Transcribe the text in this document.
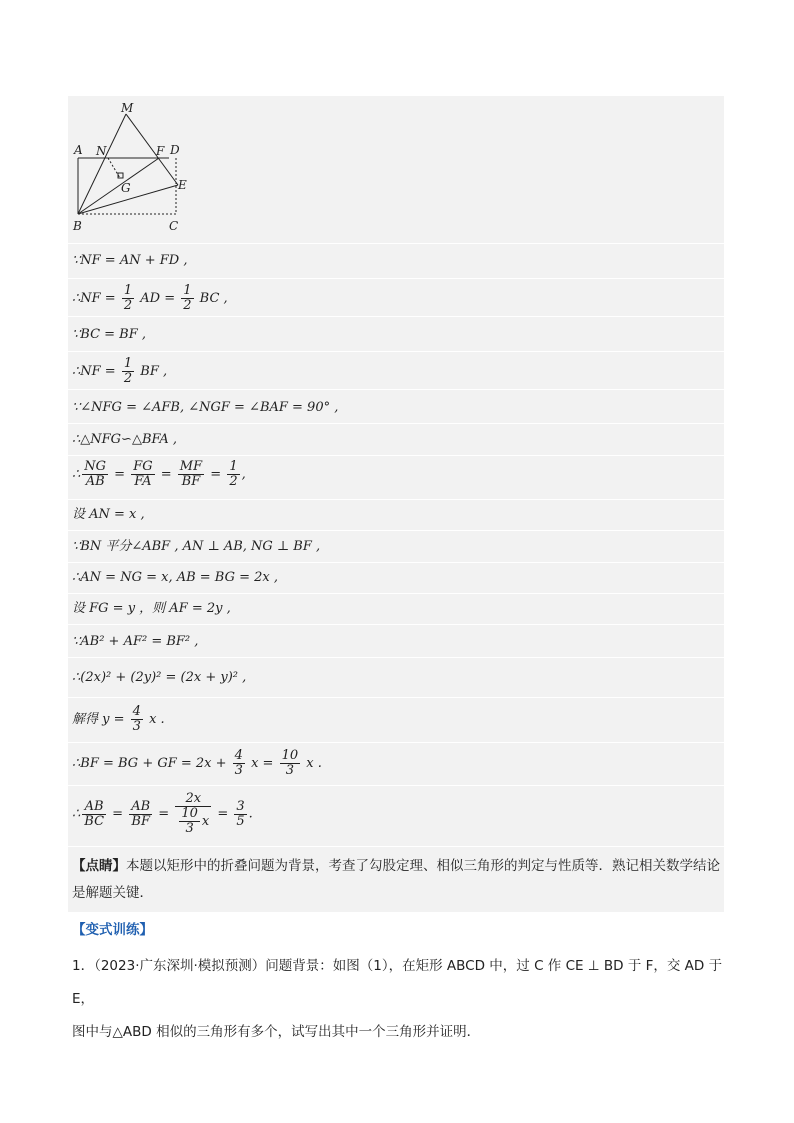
M
A N	F D
G	E
B	C
∵NF = AN + FD ,
∴NF = $\frac{1}{2}$ AD = $\frac{1}{2}$ BC ,
∵BC = BF ,
∴NF = $\frac{1}{2}$ BF ,
∵∠NFG = ∠AFB, ∠NGF = ∠BAF = 90° ,
∴△NFG∽△BFA ,
∴ $\frac{NG}{AB} = \frac{FG}{FA} = \frac{MF}{BF} = \frac{1}{2}$ ,
设 AN = x ,
∵BN 平分∠ABF , AN ⊥ AB, NG ⊥ BF ,
∴AN = NG = x, AB = BG = 2x ,
设 FG = y ，则 AF = 2y ,
∵AB² + AF² = BF² ,
∴(2x)² + (2y)² = (2x + y)² ,
解得 $y = \frac{4}{3}$ x .
∴BF = BG + GF = $2x + \frac{4}{3}$ $x = \frac{10}{3}$ x .
∴ $\frac{AB}{BC} = \frac{AB}{BF} = \frac{2x}{\frac{10}{3} x} = \frac{3}{5}$ .
【点睛】本题以矩形中的折叠问题为背景，考查了勾股定理、相似三角形的判定与性质等．熟记相关数学结论是解题关键．
【变式训练】
1．（2023·广东深圳·模拟预测）问题背景：如图（1），在矩形 ABCD 中，过 C 作 CE ⊥ BD 于 F，交 AD 于 E，
图中与△ABD 相似的三角形有多个，试写出其中一个三角形并证明．
